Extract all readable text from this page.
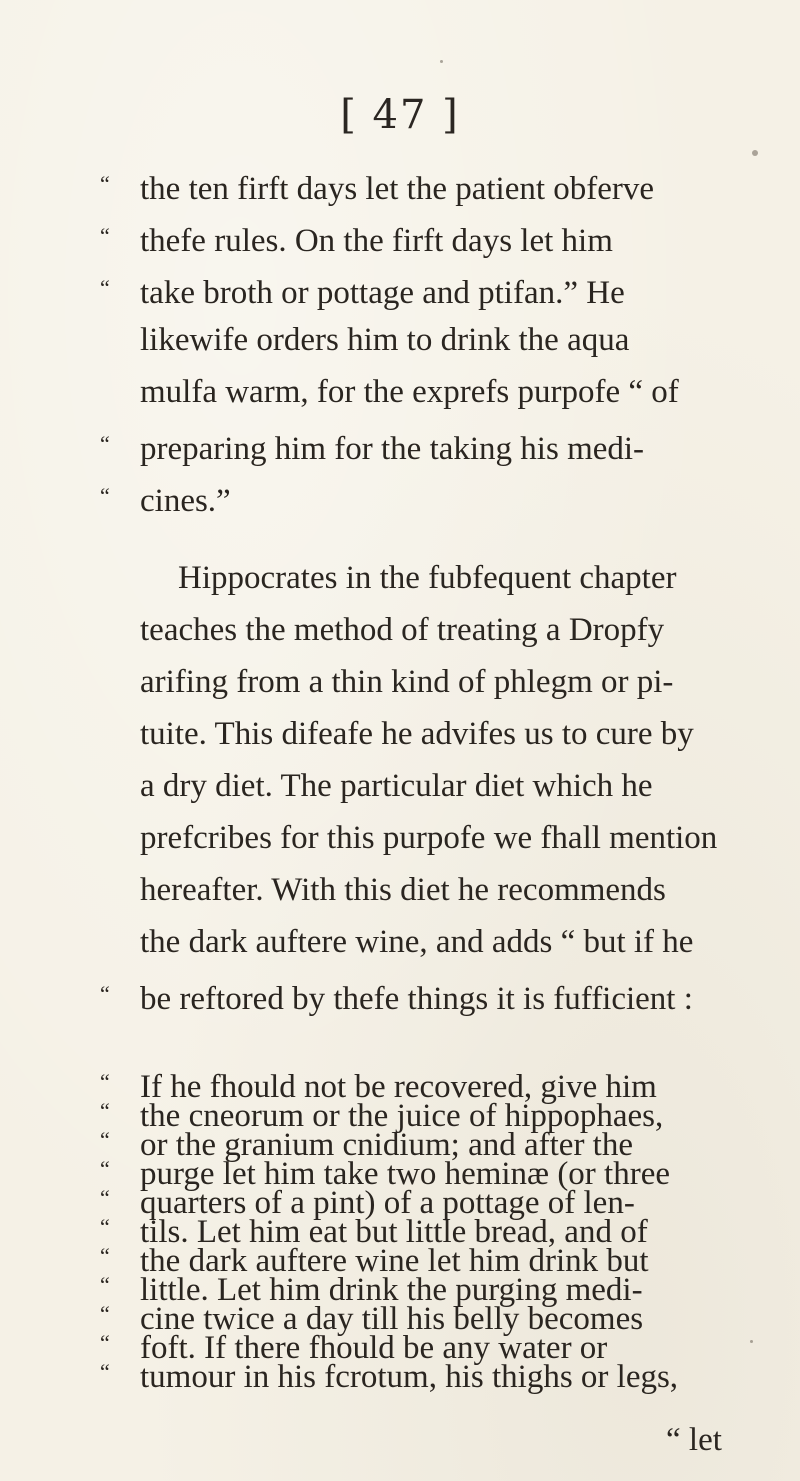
[ 47 ]
“ the ten firft days let the patient obferve
“ thefe rules. On the firft days let him
“ take broth or pottage and ptifan.” He
likewife orders him to drink the aqua
mulfa warm, for the exprefs purpofe “ of
“ preparing him for the taking his medi-
“ cines.”
Hippocrates in the fubfequent chapter
teaches the method of treating a Dropfy
arifing from a thin kind of phlegm or pi-
tuite. This difeafe he advifes us to cure by
a dry diet. The particular diet which he
prefcribes for this purpofe we fhall mention
hereafter. With this diet he recommends
the dark auftere wine, and adds “ but if he
“ be reftored by thefe things it is fufficient :
“ If he fhould not be recovered, give him
“ the cneorum or the juice of hippophaes,
“ or the granium cnidium; and after the
“ purge let him take two heminæ (or three
“ quarters of a pint) of a pottage of len-
“ tils. Let him eat but little bread, and of
“ the dark auftere wine let him drink but
“ little. Let him drink the purging medi-
“ cine twice a day till his belly becomes
“ foft. If there fhould be any water or
“ tumour in his fcrotum, his thighs or legs,
“ let
